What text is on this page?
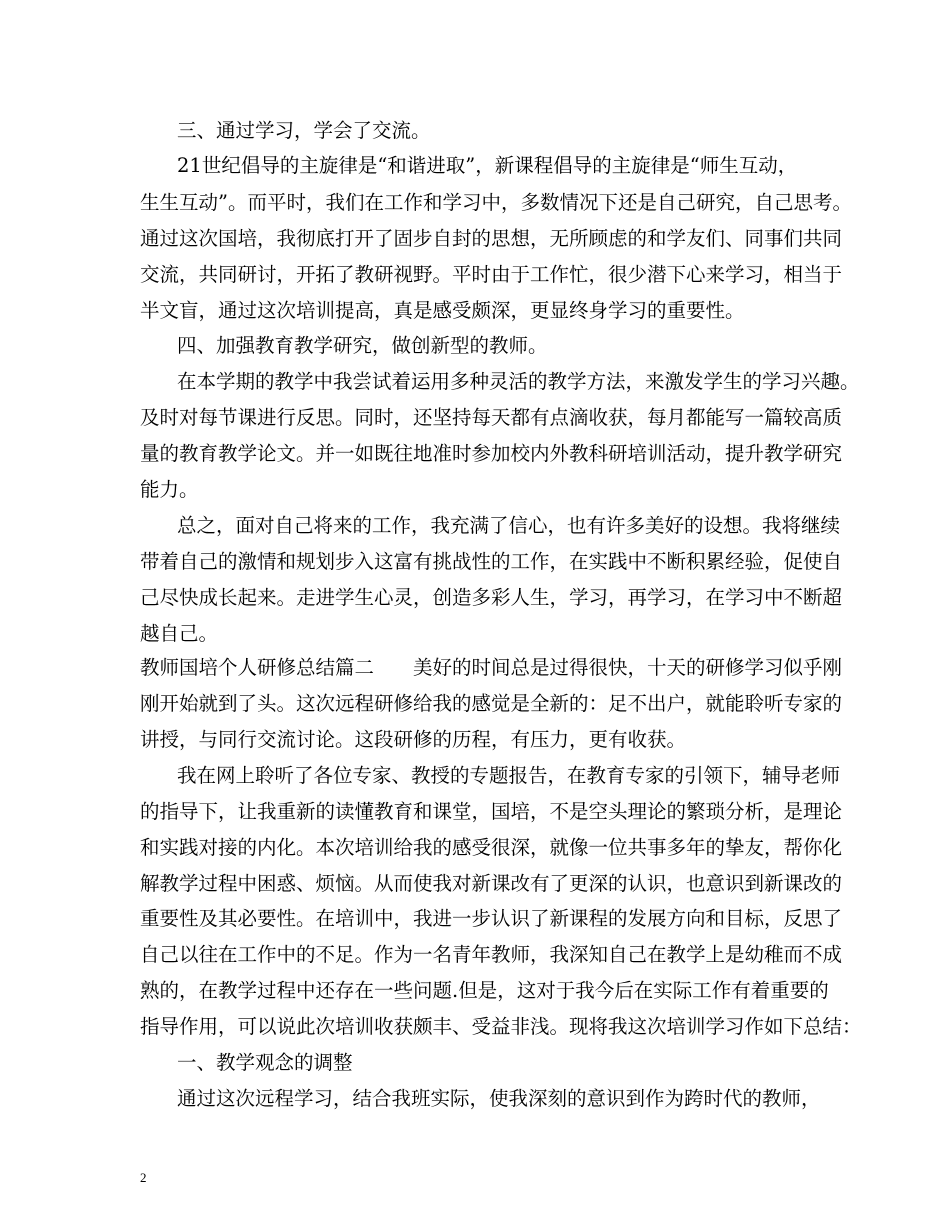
三、通过学习，学会了交流。
21世纪倡导的主旋律是“和谐进取”，新课程倡导的主旋律是“师生互动，
生生互动”。而平时，我们在工作和学习中，多数情况下还是自己研究，自己思考。
通过这次国培，我彻底打开了固步自封的思想，无所顾虑的和学友们、同事们共同
交流，共同研讨，开拓了教研视野。平时由于工作忙，很少潜下心来学习，相当于
半文盲，通过这次培训提高，真是感受颇深，更显终身学习的重要性。
四、加强教育教学研究，做创新型的教师。
在本学期的教学中我尝试着运用多种灵活的教学方法，来激发学生的学习兴趣。
及时对每节课进行反思。同时，还坚持每天都有点滴收获，每月都能写一篇较高质
量的教育教学论文。并一如既往地准时参加校内外教科研培训活动，提升教学研究
能力。
总之，面对自己将来的工作，我充满了信心，也有许多美好的设想。我将继续
带着自己的激情和规划步入这富有挑战性的工作，在实践中不断积累经验，促使自
己尽快成长起来。走进学生心灵，创造多彩人生，学习，再学习，在学习中不断超
越自己。
教师国培个人研修总结篇二　　美好的时间总是过得很快，十天的研修学习似乎刚
刚开始就到了头。这次远程研修给我的感觉是全新的：足不出户，就能聆听专家的
讲授，与同行交流讨论。这段研修的历程，有压力，更有收获。
我在网上聆听了各位专家、教授的专题报告，在教育专家的引领下，辅导老师
的指导下，让我重新的读懂教育和课堂，国培，不是空头理论的繁琐分析，是理论
和实践对接的内化。本次培训给我的感受很深，就像一位共事多年的挚友，帮你化
解教学过程中困惑、烦恼。从而使我对新课改有了更深的认识，也意识到新课改的
重要性及其必要性。在培训中，我进一步认识了新课程的发展方向和目标，反思了
自己以往在工作中的不足。作为一名青年教师，我深知自己在教学上是幼稚而不成
熟的，在教学过程中还存在一些问题.但是，这对于我今后在实际工作有着重要的
指导作用，可以说此次培训收获颇丰、受益非浅。现将我这次培训学习作如下总结：
一、教学观念的调整
通过这次远程学习，结合我班实际，使我深刻的意识到作为跨时代的教师，
2
